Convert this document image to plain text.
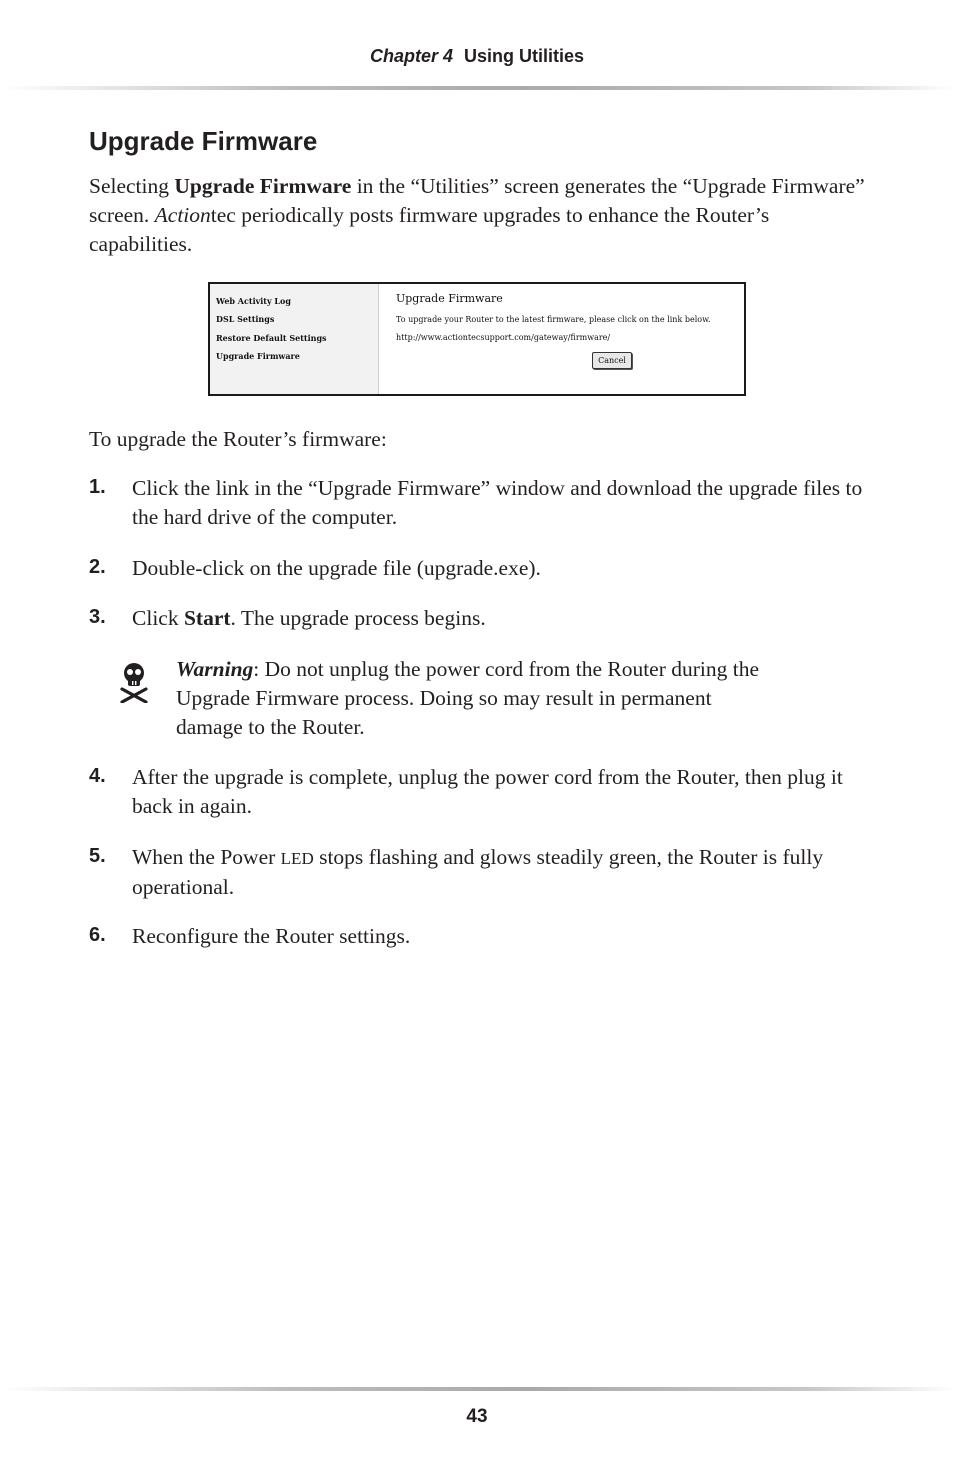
Chapter 4 Using Utilities
Upgrade Firmware

Selecting Upgrade Firmware in the “Utilities” screen generates the “Upgrade Firmware” screen. Actiontec periodically posts firmware upgrades to enhance the Router’s capabilities.

Web Activity Log
DSL Settings
Restore Default Settings
Upgrade Firmware
Upgrade Firmware
To upgrade your Router to the latest firmware, please click on the link below.
http://www.actiontecsupport.com/gateway/firmware/
Cancel

To upgrade the Router’s firmware:

1. Click the link in the “Upgrade Firmware” window and download the upgrade files to the hard drive of the computer.
2. Double-click on the upgrade file (upgrade.exe).
3. Click Start. The upgrade process begins.
Warning: Do not unplug the power cord from the Router during the Upgrade Firmware process. Doing so may result in permanent damage to the Router.
4. After the upgrade is complete, unplug the power cord from the Router, then plug it back in again.
5. When the Power LED stops flashing and glows steadily green, the Router is fully operational.
6. Reconfigure the Router settings.
43
